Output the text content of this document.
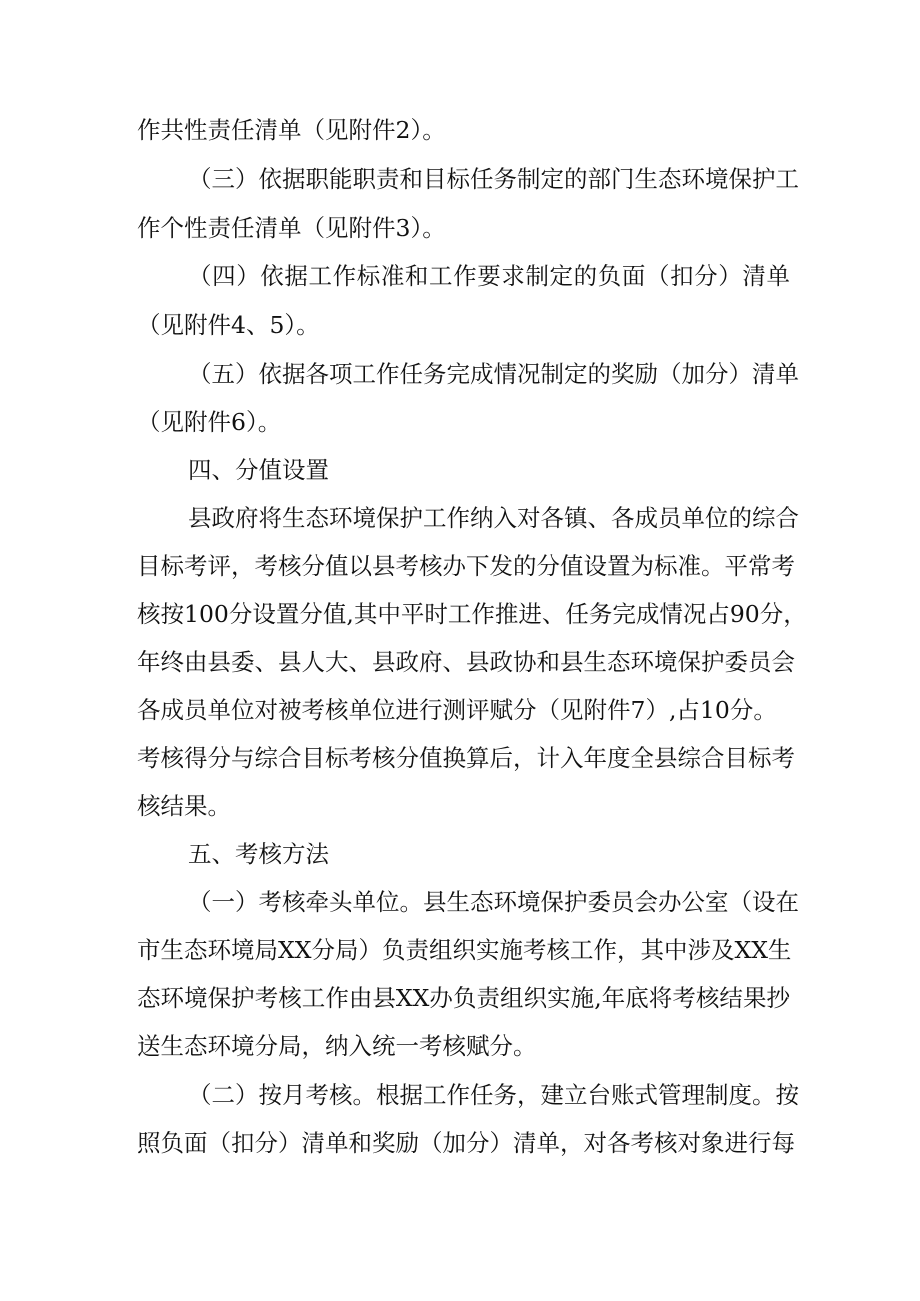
作共性责任清单（见附件2）。
（三）依据职能职责和目标任务制定的部门生态环境保护工
作个性责任清单（见附件3）。
（四）依据工作标准和工作要求制定的负面（扣分）清单
（见附件4、5）。
（五）依据各项工作任务完成情况制定的奖励（加分）清单
（见附件6）。
四、分值设置
县政府将生态环境保护工作纳入对各镇、各成员单位的综合
目标考评，考核分值以县考核办下发的分值设置为标准。平常考
核按100分设置分值,其中平时工作推进、任务完成情况占90分，
年终由县委、县人大、县政府、县政协和县生态环境保护委员会
各成员单位对被考核单位进行测评赋分（见附件7）,占10分。
考核得分与综合目标考核分值换算后，计入年度全县综合目标考
核结果。
五、考核方法
（一）考核牵头单位。县生态环境保护委员会办公室（设在
市生态环境局XX分局）负责组织实施考核工作，其中涉及XX生
态环境保护考核工作由县XX办负责组织实施,年底将考核结果抄
送生态环境分局，纳入统一考核赋分。
（二）按月考核。根据工作任务，建立台账式管理制度。按
照负面（扣分）清单和奖励（加分）清单，对各考核对象进行每
